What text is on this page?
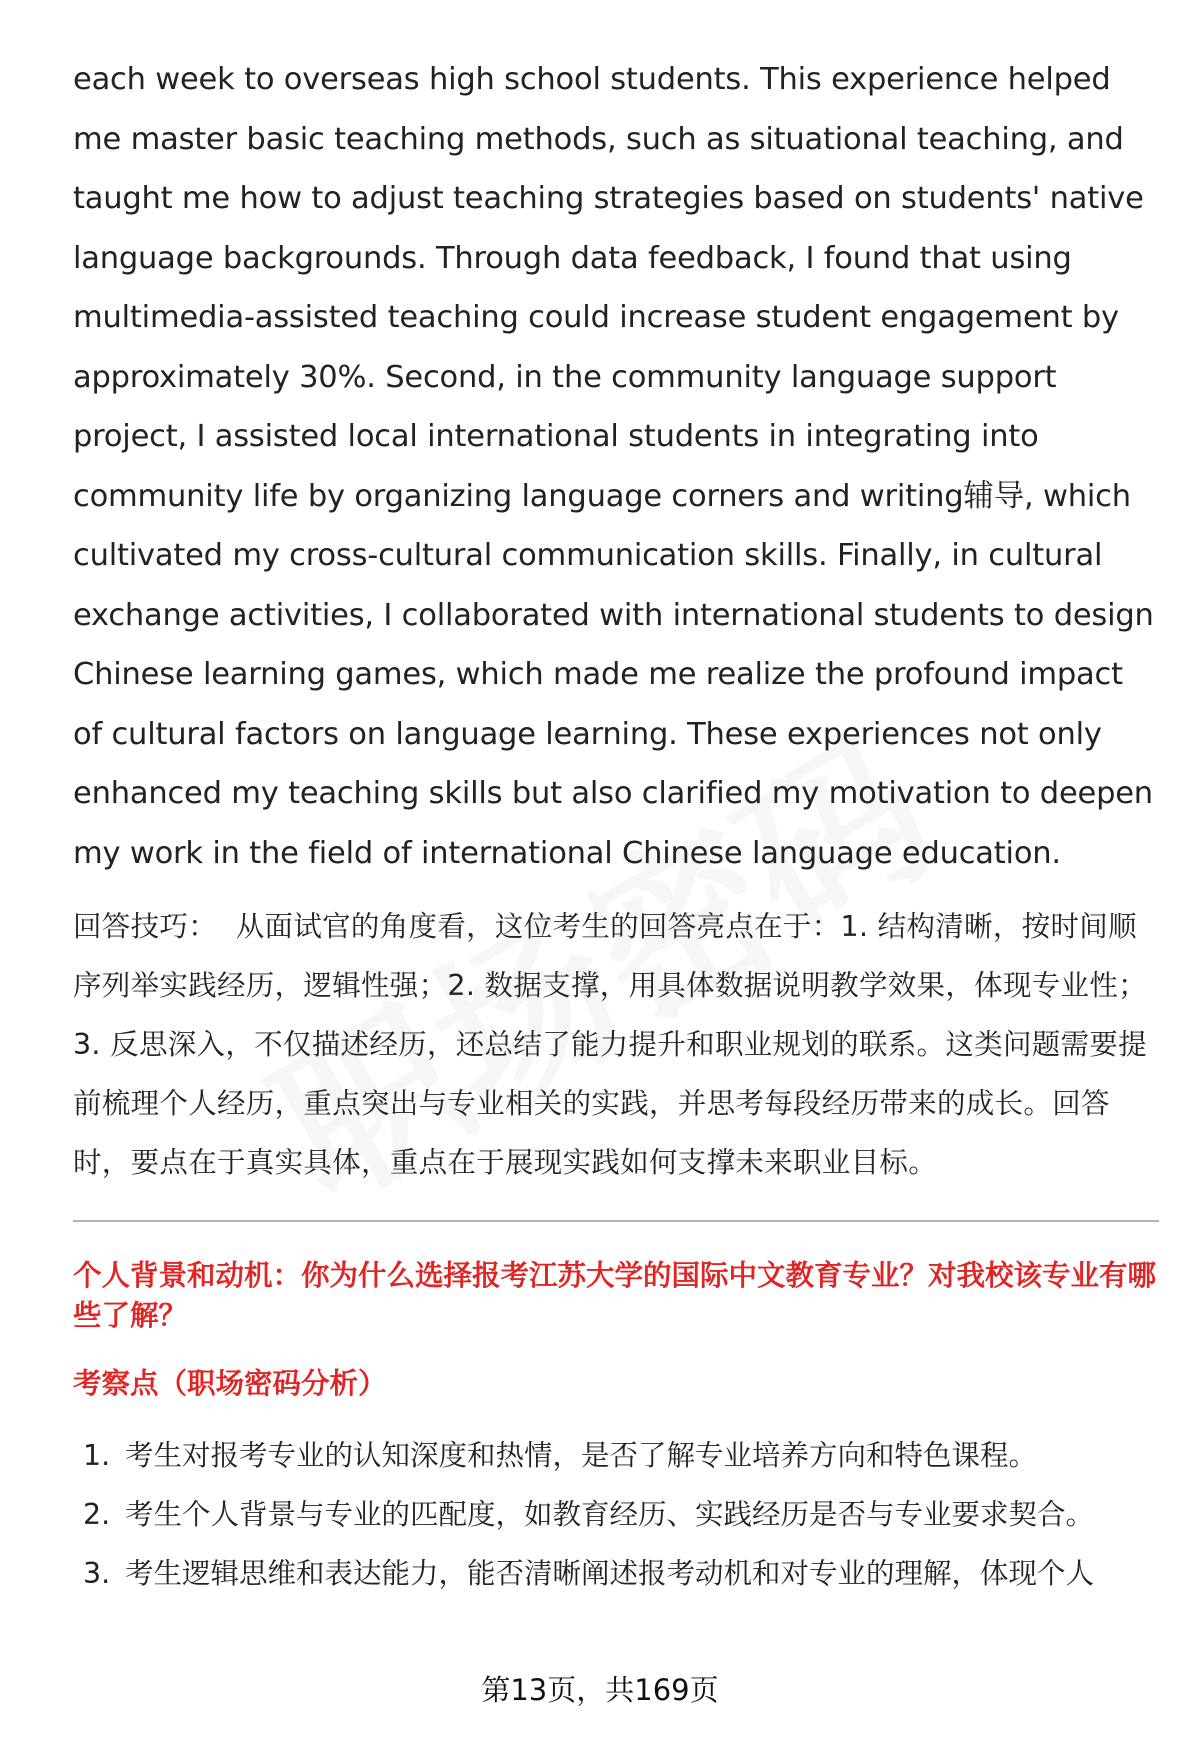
each week to overseas high school students. This experience helped me master basic teaching methods, such as situational teaching, and taught me how to adjust teaching strategies based on students' native language backgrounds. Through data feedback, I found that using multimedia-assisted teaching could increase student engagement by approximately 30%. Second, in the community language support project, I assisted local international students in integrating into community life by organizing language corners and writing辅导, which cultivated my cross-cultural communication skills. Finally, in cultural exchange activities, I collaborated with international students to design Chinese learning games, which made me realize the profound impact of cultural factors on language learning. These experiences not only enhanced my teaching skills but also clarified my motivation to deepen my work in the field of international Chinese language education.

回答技巧： 从面试官的角度看，这位考生的回答亮点在于：1. 结构清晰，按时间顺序列举实践经历，逻辑性强；2. 数据支撑，用具体数据说明教学效果，体现专业性；3. 反思深入，不仅描述经历，还总结了能力提升和职业规划的联系。这类问题需要提前梳理个人经历，重点突出与专业相关的实践，并思考每段经历带来的成长。回答时，要点在于真实具体，重点在于展现实践如何支撑未来职业目标。

个人背景和动机：你为什么选择报考江苏大学的国际中文教育专业？对我校该专业有哪些了解？
考察点（职场密码分析）
1. 考生对报考专业的认知深度和热情，是否了解专业培养方向和特色课程。
2. 考生个人背景与专业的匹配度，如教育经历、实践经历是否与专业要求契合。
3. 考生逻辑思维和表达能力，能否清晰阐述报考动机和对专业的理解，体现个人
第13页，共169页
